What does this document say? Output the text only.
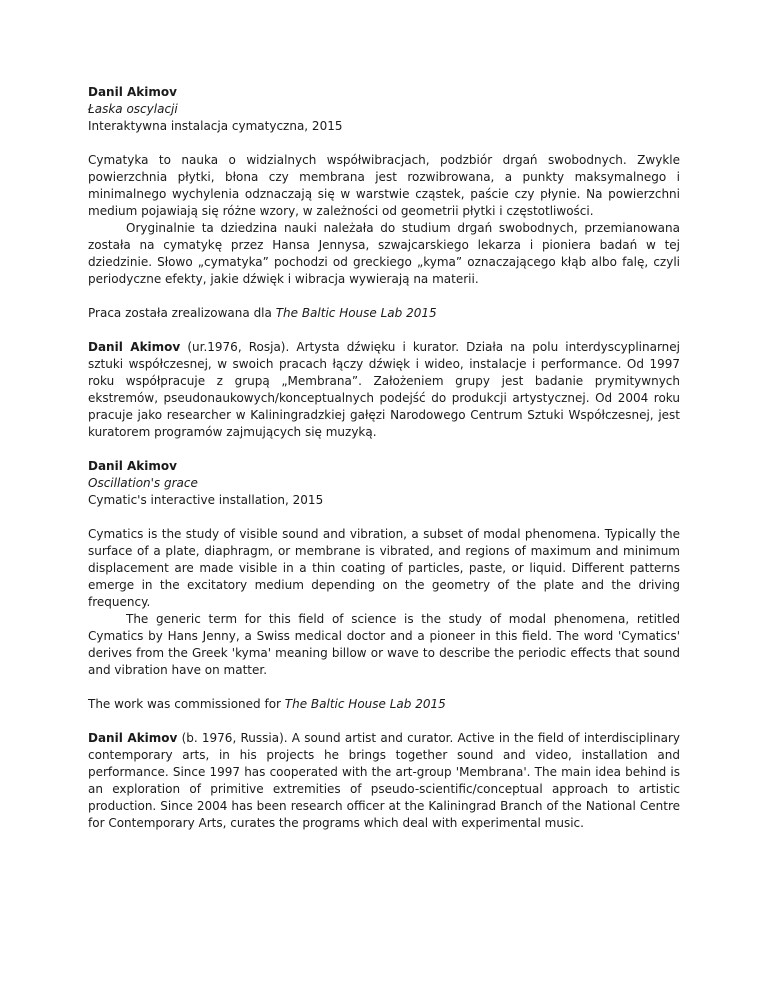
Danil Akimov

Łaska oscylacji

Interaktywna instalacja cymatyczna, 2015

Cymatyka to nauka o widzialnych współwibracjach, podzbiór drgań swobodnych. Zwykle powierzchnia płytki, błona czy membrana jest rozwibrowana, a punkty maksymalnego i minimalnego wychylenia odznaczają się w warstwie cząstek, paście czy płynie. Na powierzchni medium pojawiają się różne wzory, w zależności od geometrii płytki i częstotliwości.

Oryginalnie ta dziedzina nauki należała do studium drgań swobodnych, przemianowana została na cymatykę przez Hansa Jennysa, szwajcarskiego lekarza i pioniera badań w tej dziedzinie. Słowo „cymatyka” pochodzi od greckiego „kyma” oznaczającego kłąb albo falę, czyli periodyczne efekty, jakie dźwięk i wibracja wywierają na materii.

Praca została zrealizowana dla The Baltic House Lab 2015

Danil Akimov (ur.1976, Rosja). Artysta dźwięku i kurator. Działa na polu interdyscyplinarnej sztuki współczesnej, w swoich pracach łączy dźwięk i wideo, instalacje i performance. Od 1997 roku współpracuje z grupą „Membrana”. Założeniem grupy jest badanie prymitywnych ekstremów, pseudonaukowych/konceptualnych podejść do produkcji artystycznej. Od 2004 roku pracuje jako researcher w Kaliningradzkiej gałęzi Narodowego Centrum Sztuki Współczesnej, jest kuratorem programów zajmujących się muzyką.

Danil Akimov

Oscillation's grace

Cymatic's interactive installation, 2015

Cymatics is the study of visible sound and vibration, a subset of modal phenomena. Typically the surface of a plate, diaphragm, or membrane is vibrated, and regions of maximum and minimum displacement are made visible in a thin coating of particles, paste, or liquid. Different patterns emerge in the excitatory medium depending on the geometry of the plate and the driving frequency.

The generic term for this field of science is the study of modal phenomena, retitled Cymatics by Hans Jenny, a Swiss medical doctor and a pioneer in this field. The word 'Cymatics' derives from the Greek 'kyma' meaning billow or wave to describe the periodic effects that sound and vibration have on matter.

The work was commissioned for The Baltic House Lab 2015

Danil Akimov (b. 1976, Russia). A sound artist and curator. Active in the field of interdisciplinary contemporary arts, in his projects he brings together sound and video, installation and performance. Since 1997 has cooperated with the art-group 'Membrana'. The main idea behind is an exploration of primitive extremities of pseudo-scientific/conceptual approach to artistic production. Since 2004 has been research officer at the Kaliningrad Branch of the National Centre for Contemporary Arts, curates the programs which deal with experimental music.
